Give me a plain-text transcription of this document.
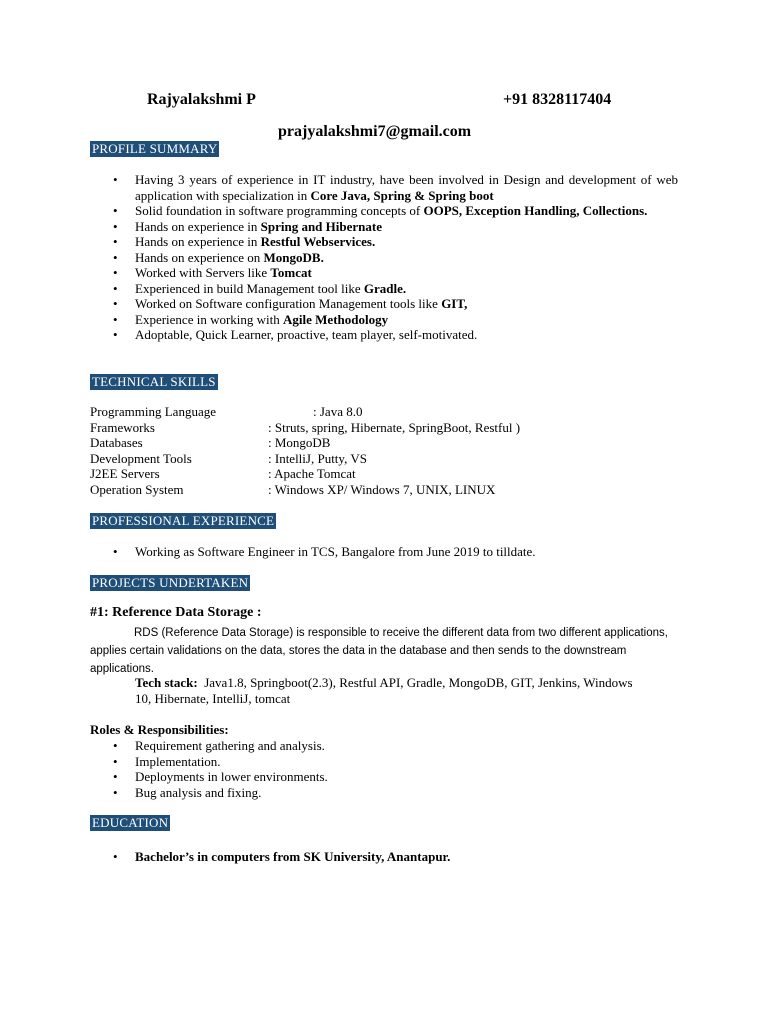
Rajyalakshmi P	+91 8328117404
prajyalakshmi7@gmail.com
PROFILE SUMMARY
• Having 3 years of experience in IT industry, have been involved in Design and development of web application with specialization in Core Java, Spring & Spring boot
• Solid foundation in software programming concepts of OOPS, Exception Handling, Collections.
• Hands on experience in Spring and Hibernate
• Hands on experience in Restful Webservices.
• Hands on experience on MongoDB.
• Worked with Servers like Tomcat
• Experienced in build Management tool like Gradle.
• Worked on Software configuration Management tools like GIT,
• Experience in working with Agile Methodology
• Adoptable, Quick Learner, proactive, team player, self-motivated.
TECHNICAL SKILLS
Programming Language	: Java 8.0
Frameworks	: Struts, spring, Hibernate, SpringBoot, Restful )
Databases	: MongoDB
Development Tools	: IntelliJ, Putty, VS
J2EE Servers	: Apache Tomcat
Operation System	: Windows XP/ Windows 7, UNIX, LINUX
PROFESSIONAL EXPERIENCE
• Working as Software Engineer in TCS, Bangalore from June 2019 to tilldate.
PROJECTS UNDERTAKEN
#1: Reference Data Storage :
RDS (Reference Data Storage) is responsible to receive the different data from two different applications, applies certain validations on the data, stores the data in the database and then sends to the downstream applications.
Tech stack: Java1.8, Springboot(2.3), Restful API, Gradle, MongoDB, GIT, Jenkins, Windows
10, Hibernate, IntelliJ, tomcat
Roles & Responsibilities:
• Requirement gathering and analysis.
• Implementation.
• Deployments in lower environments.
• Bug analysis and fixing.
EDUCATION
• Bachelor’s in computers from SK University, Anantapur.
